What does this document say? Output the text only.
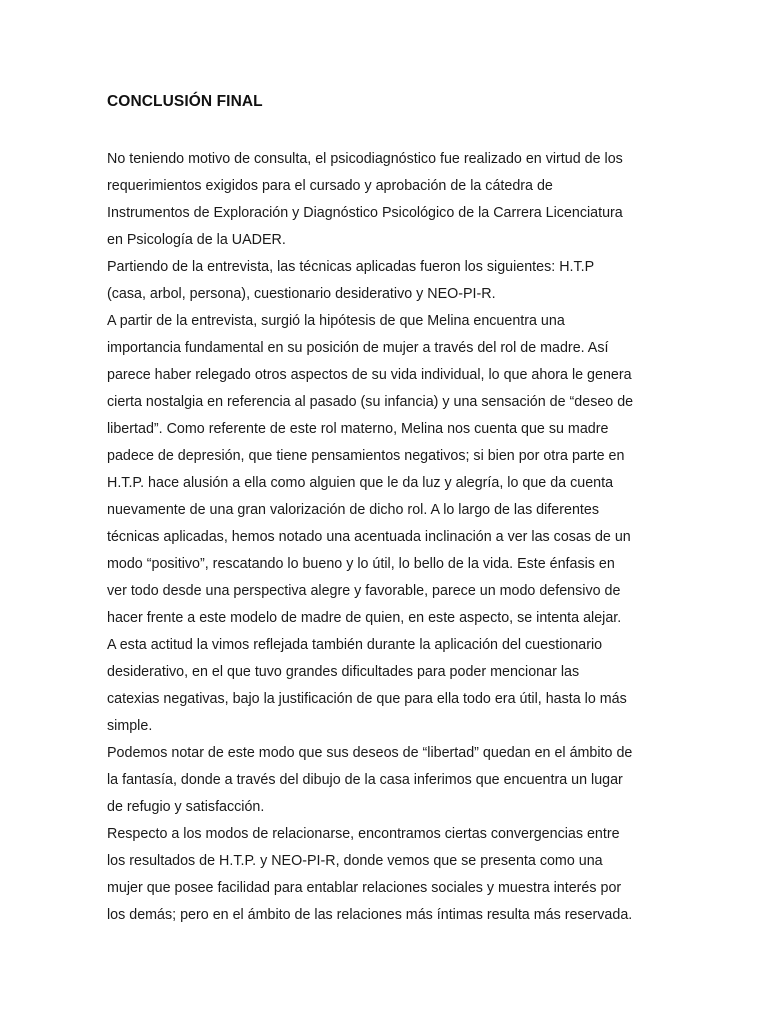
CONCLUSIÓN FINAL
No teniendo motivo de consulta, el psicodiagnóstico fue realizado en virtud de los
requerimientos exigidos para el cursado y aprobación de la cátedra de
Instrumentos de Exploración y Diagnóstico Psicológico de la Carrera Licenciatura
en Psicología de la UADER.
Partiendo de la entrevista, las técnicas aplicadas fueron los siguientes: H.T.P
(casa, arbol, persona), cuestionario desiderativo y NEO-PI-R.
A partir de la entrevista, surgió la hipótesis de que Melina encuentra una
importancia fundamental en su posición de mujer a través del rol de madre. Así
parece haber relegado otros aspectos de su vida individual, lo que ahora le genera
cierta nostalgia en referencia al pasado (su infancia) y una sensación de “deseo de
libertad”. Como referente de este rol materno, Melina nos cuenta que su madre
padece de depresión, que tiene pensamientos negativos; si bien por otra parte en
H.T.P. hace alusión a ella como alguien que le da luz y alegría, lo que da cuenta
nuevamente de una gran valorización de dicho rol. A lo largo de las diferentes
técnicas aplicadas, hemos notado una acentuada inclinación a ver las cosas de un
modo “positivo”, rescatando lo bueno y lo útil, lo bello de la vida. Este énfasis en
ver todo desde una perspectiva alegre y favorable, parece un modo defensivo de
hacer frente a este modelo de madre de quien, en este aspecto, se intenta alejar.
A esta actitud la vimos reflejada también durante la aplicación del cuestionario
desiderativo, en el que tuvo grandes dificultades para poder mencionar las
catexias negativas, bajo la justificación de que para ella todo era útil, hasta lo más
simple.
Podemos notar de este modo que sus deseos de “libertad” quedan en el ámbito de
la fantasía, donde a través del dibujo de la casa inferimos que encuentra un lugar
de refugio y satisfacción.
Respecto a los modos de relacionarse, encontramos ciertas convergencias entre
los resultados de H.T.P. y NEO-PI-R, donde vemos que se presenta como una
mujer que posee facilidad para entablar relaciones sociales y muestra interés por
los demás; pero en el ámbito de las relaciones más íntimas resulta más reservada.
